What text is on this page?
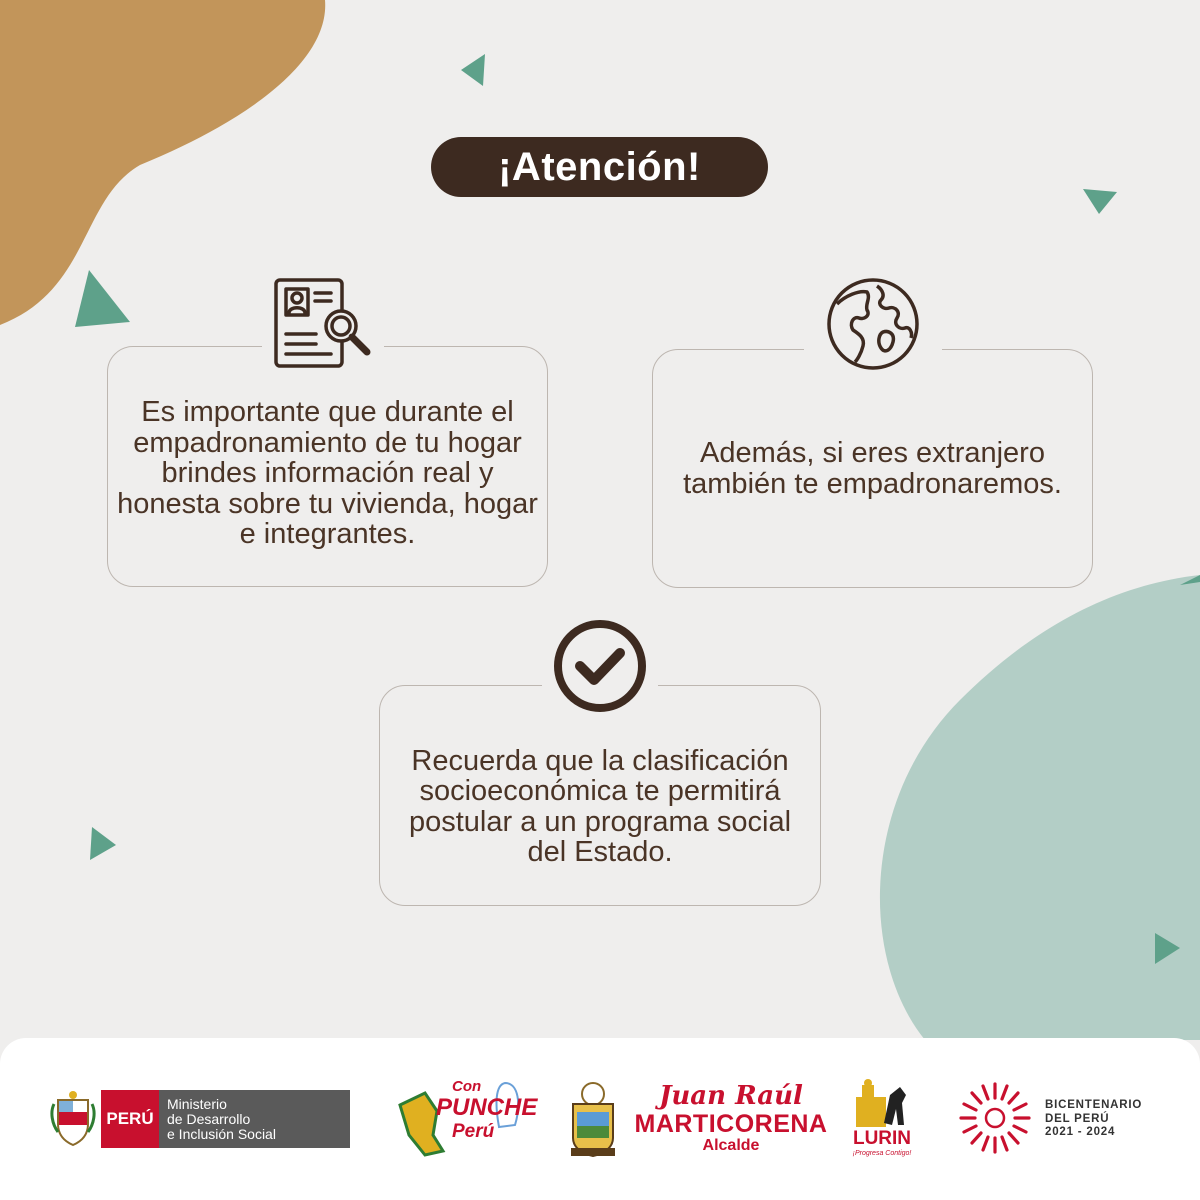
¡Atención!

Es importante que durante el empadronamiento de tu hogar brindes información real y honesta sobre tu vivienda, hogar e integrantes.

Además, si eres extranjero también te empadronaremos.

Recuerda que la clasificación socioeconómica te permitirá postular a un programa social del Estado.

PERÚ
Ministerio
de Desarrollo
e Inclusión Social
Con
PUNCHE
Perú
Juan Raúl
MARTICORENA
Alcalde	LURIN
¡Progresa Contigo!
BICENTENARIO
DEL PERÚ
2021 - 2024
